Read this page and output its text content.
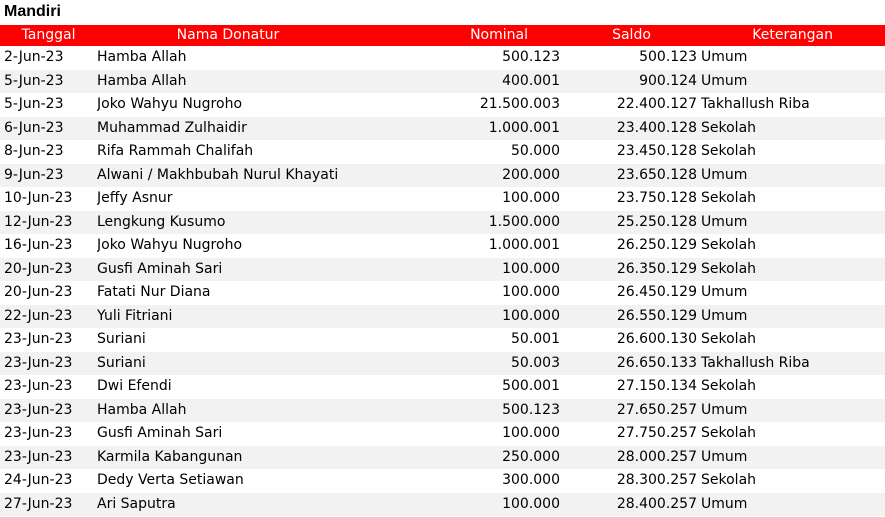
Mandiri
Tanggal	Nama Donatur	Nominal	Saldo	Keterangan
2-Jun-23	Hamba Allah	500.123	500.123	Umum
5-Jun-23	Hamba Allah	400.001	900.124	Umum
5-Jun-23	Joko Wahyu Nugroho	21.500.003	22.400.127	Takhallush Riba
6-Jun-23	Muhammad Zulhaidir	1.000.001	23.400.128	Sekolah
8-Jun-23	Rifa Rammah Chalifah	50.000	23.450.128	Sekolah
9-Jun-23	Alwani / Makhbubah Nurul Khayati	200.000	23.650.128	Umum
10-Jun-23	Jeffy Asnur	100.000	23.750.128	Sekolah
12-Jun-23	Lengkung Kusumo	1.500.000	25.250.128	Umum
16-Jun-23	Joko Wahyu Nugroho	1.000.001	26.250.129	Sekolah
20-Jun-23	Gusfi Aminah Sari	100.000	26.350.129	Sekolah
20-Jun-23	Fatati Nur Diana	100.000	26.450.129	Umum
22-Jun-23	Yuli Fitriani	100.000	26.550.129	Umum
23-Jun-23	Suriani	50.001	26.600.130	Sekolah
23-Jun-23	Suriani	50.003	26.650.133	Takhallush Riba
23-Jun-23	Dwi Efendi	500.001	27.150.134	Sekolah
23-Jun-23	Hamba Allah	500.123	27.650.257	Umum
23-Jun-23	Gusfi Aminah Sari	100.000	27.750.257	Sekolah
23-Jun-23	Karmila Kabangunan	250.000	28.000.257	Umum
24-Jun-23	Dedy Verta Setiawan	300.000	28.300.257	Sekolah
27-Jun-23	Ari Saputra	100.000	28.400.257	Umum
